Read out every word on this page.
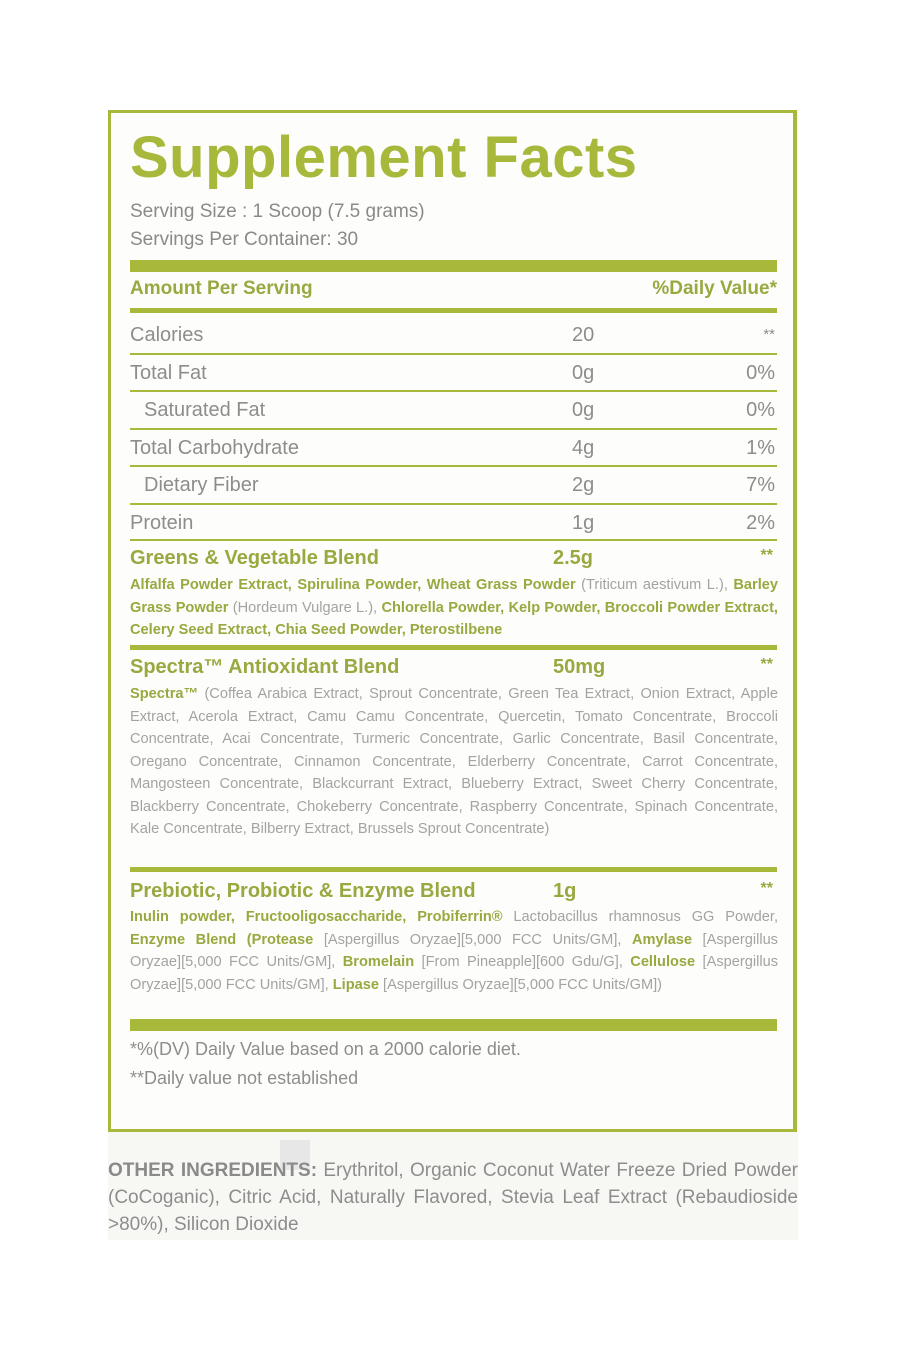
Supplement Facts
Serving Size : 1 Scoop (7.5 grams)
Servings Per Container: 30
Amount Per Serving	%Daily Value*
Calories	20	**
Total Fat	0g	0%
Saturated Fat	0g	0%
Total Carbohydrate	4g	1%
Dietary Fiber	2g	7%
Protein	1g	2%
Greens & Vegetable Blend	2.5g	**
Alfalfa Powder Extract, Spirulina Powder, Wheat Grass Powder (Triticum aestivum L.), Barley Grass Powder (Hordeum Vulgare L.), Chlorella Powder, Kelp Powder, Broccoli Powder Extract, Celery Seed Extract, Chia Seed Powder, Pterostilbene
Spectra™ Antioxidant Blend	50mg	**
Spectra™ (Coffea Arabica Extract, Sprout Concentrate, Green Tea Extract, Onion Extract, Apple Extract, Acerola Extract, Camu Camu Concentrate, Quercetin, Tomato Concentrate, Broccoli Concentrate, Acai Concentrate, Turmeric Concentrate, Garlic Concentrate, Basil Concentrate, Oregano Concentrate, Cinnamon Concentrate, Elderberry Concentrate, Carrot Concentrate, Mangosteen Concentrate, Blackcurrant Extract, Blueberry Extract, Sweet Cherry Concentrate, Blackberry Concentrate, Chokeberry Concentrate, Raspberry Concentrate, Spinach Concentrate, Kale Concentrate, Bilberry Extract, Brussels Sprout Concentrate)
Prebiotic, Probiotic & Enzyme Blend	1g	**
Inulin powder, Fructooligosaccharide, Probiferrin® Lactobacillus rhamnosus GG Powder, Enzyme Blend (Protease [Aspergillus Oryzae][5,000 FCC Units/GM], Amylase [Aspergillus Oryzae][5,000 FCC Units/GM], Bromelain [From Pineapple][600 Gdu/G], Cellulose [Aspergillus Oryzae][5,000 FCC Units/GM], Lipase [Aspergillus Oryzae][5,000 FCC Units/GM])
*%(DV) Daily Value based on a 2000 calorie diet.
**Daily value not established
OTHER INGREDIENTS: Erythritol, Organic Coconut Water Freeze Dried Powder (CoCoganic), Citric Acid, Naturally Flavored, Stevia Leaf Extract (Rebaudioside >80%), Silicon Dioxide
